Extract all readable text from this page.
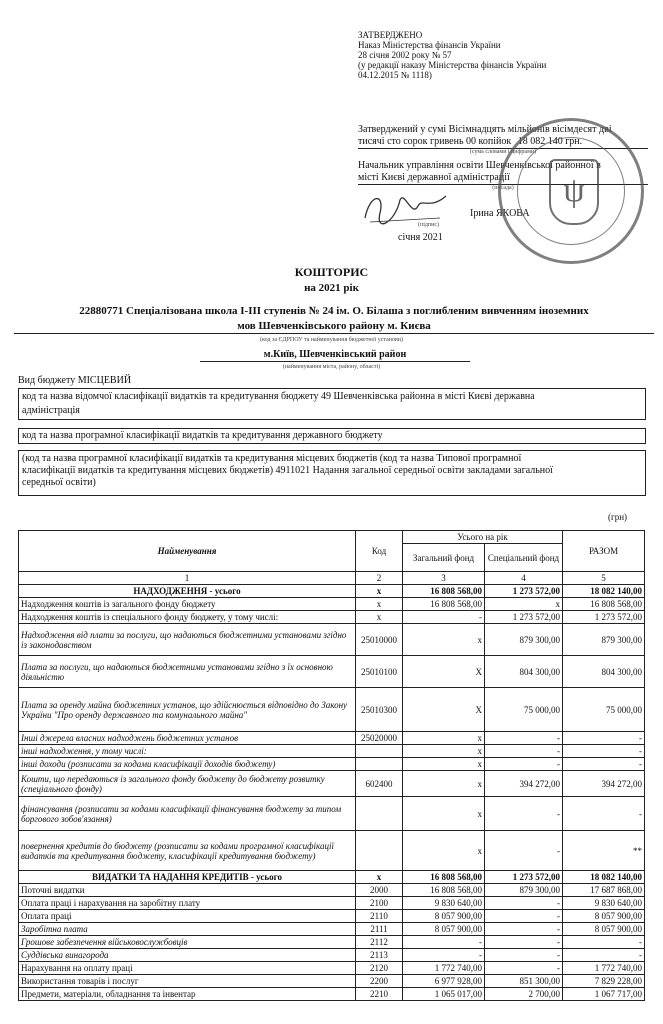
ЗАТВЕРДЖЕНО
Наказ Міністерства фінансів України
28 січня 2002 року № 57
(у редакції наказу Міністерства фінансів України
04.12.2015 № 1118)
Затверджений у сумі Вісімнадцять мільйонів вісімдесят дві
тисячі сто сорок гривень 00 копійок 18 082 140 грн.
(сума словами і цифрами)
Начальник управління освіти Шевченківської районної в
місті Києві державної адміністрації
(посада)
Ірина ЯКОВА
(підпис)
січня 2021
ψ
КОШТОРИС
на 2021 рік
22880771 Спеціалізована школа I-III ступенів № 24 ім. О. Білаша з поглибленим вивченням іноземних
мов Шевченківського району м. Києва
(код за ЄДРПОУ та найменування бюджетної установи)
м.Київ, Шевченківський район
(найменування міста, району, області)
Вид бюджету МІСЦЕВИЙ
код та назва відомчої класифікації видатків та кредитування бюджету 49 Шевченківська районна в місті Києві державна
адміністрація
код та назва програмної класифікації видатків та кредитування державного бюджету
(код та назва програмної класифікації видатків та кредитування місцевих бюджетів (код та назва Типової програмної
класифікації видатків та кредитування місцевих бюджетів) 4911021 Надання загальної середньої освіти закладами загальної
середньої освіти)
(грн)
Найменування	Код	Усього на рік		РАЗОМ
		Загальний фонд	Спеціальний фонд	
1	2	3	4	5
НАДХОДЖЕННЯ - усього	x	16 808 568,00	1 273 572,00	18 082 140,00
Надходження коштів із загального фонду бюджету	x	16 808 568,00	x	16 808 568,00
Надходження коштів із спеціального фонду бюджету, у тому числі:	x	-	1 273 572,00	1 273 572,00
Надходження від плати за послуги, що надаються бюджетними установами згідно із законодавством	25010000	x	879 300,00	879 300,00
Плата за послуги, що надаються бюджетними установами згідно з їх основною діяльністю	25010100	X	804 300,00	804 300,00
Плата за оренду майна бюджетних установ, що здійснюється відповідно до Закону України "Про оренду державного та комунального майна"	25010300	X	75 000,00	75 000,00
Інші джерела власних надходжень бюджетних установ	25020000	x	-	-
інші надходження, у тому числі:		x	-	-
інші доходи (розписати за кодами класифікації доходів бюджету)		x	-	-
Кошти, що передаються із загального фонду бюджету до бюджету розвитку (спеціального фонду)	602400	x	394 272,00	394 272,00
фінансування (розписати за кодами класифікації фінансування бюджету за типом боргового зобов'язання)		x	-	-
повернення кредитів до бюджету (розписати за кодами програмної класифікації видатків та кредитування бюджету, класифікації кредитування бюджету)		x	-	**
ВИДАТКИ ТА НАДАННЯ КРЕДИТІВ - усього	x	16 808 568,00	1 273 572,00	18 082 140,00
Поточні видатки	2000	16 808 568,00	879 300,00	17 687 868,00
Оплата праці і нарахування на заробітну плату	2100	9 830 640,00	-	9 830 640,00
Оплата праці	2110	8 057 900,00	-	8 057 900,00
Заробітна плата	2111	8 057 900,00	-	8 057 900,00
Грошове забезпечення військовослужбовців	2112	-	-	-
Суддівська винагорода	2113	-	-	-
Нарахування на оплату праці	2120	1 772 740,00	-	1 772 740,00
Використання товарів і послуг	2200	6 977 928,00	851 300,00	7 829 228,00
Предмети, матеріали, обладнання та інвентар	2210	1 065 017,00	2 700,00	1 067 717,00
